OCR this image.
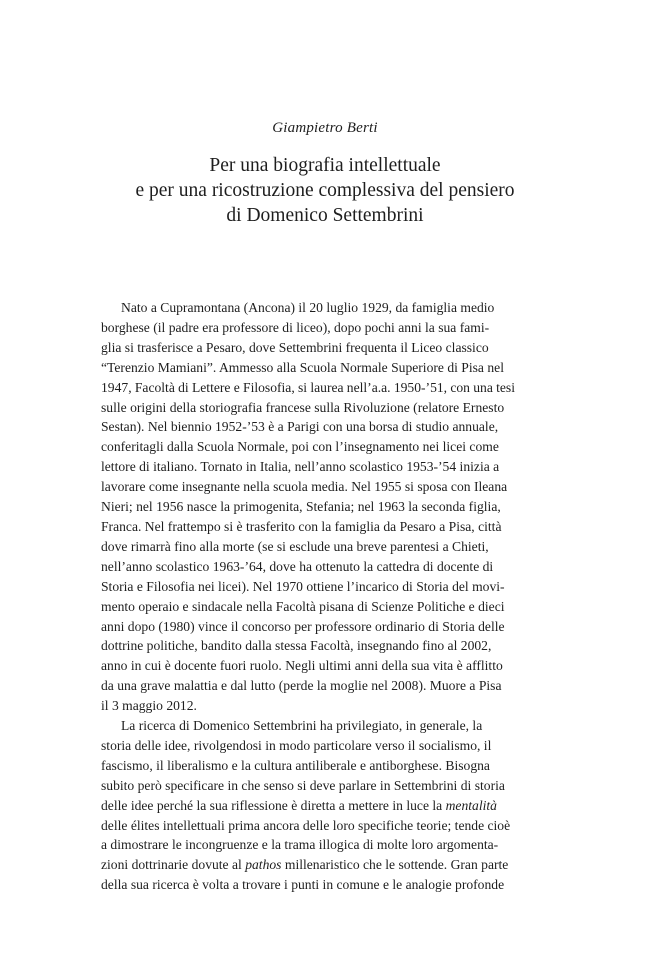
Giampietro Berti
Per una biografia intellettuale
e per una ricostruzione complessiva del pensiero
di Domenico Settembrini
Nato a Cupramontana (Ancona) il 20 luglio 1929, da famiglia medio
borghese (il padre era professore di liceo), dopo pochi anni la sua fami-
glia si trasferisce a Pesaro, dove Settembrini frequenta il Liceo classico
“Terenzio Mamiani”. Ammesso alla Scuola Normale Superiore di Pisa nel
1947, Facoltà di Lettere e Filosofia, si laurea nell’a.a. 1950-’51, con una tesi
sulle origini della storiografia francese sulla Rivoluzione (relatore Ernesto
Sestan). Nel biennio 1952-’53 è a Parigi con una borsa di studio annuale,
conferitagli dalla Scuola Normale, poi con l’insegnamento nei licei come
lettore di italiano. Tornato in Italia, nell’anno scolastico 1953-’54 inizia a
lavorare come insegnante nella scuola media. Nel 1955 si sposa con Ileana
Nieri; nel 1956 nasce la primogenita, Stefania; nel 1963 la seconda figlia,
Franca. Nel frattempo si è trasferito con la famiglia da Pesaro a Pisa, città
dove rimarrà fino alla morte (se si esclude una breve parentesi a Chieti,
nell’anno scolastico 1963-’64, dove ha ottenuto la cattedra di docente di
Storia e Filosofia nei licei). Nel 1970 ottiene l’incarico di Storia del movi-
mento operaio e sindacale nella Facoltà pisana di Scienze Politiche e dieci
anni dopo (1980) vince il concorso per professore ordinario di Storia delle
dottrine politiche, bandito dalla stessa Facoltà, insegnando fino al 2002,
anno in cui è docente fuori ruolo. Negli ultimi anni della sua vita è afflitto
da una grave malattia e dal lutto (perde la moglie nel 2008). Muore a Pisa
il 3 maggio 2012.
La ricerca di Domenico Settembrini ha privilegiato, in generale, la
storia delle idee, rivolgendosi in modo particolare verso il socialismo, il
fascismo, il liberalismo e la cultura antiliberale e antiborghese. Bisogna
subito però specificare in che senso si deve parlare in Settembrini di storia
delle idee perché la sua riflessione è diretta a mettere in luce la mentalità
delle élites intellettuali prima ancora delle loro specifiche teorie; tende cioè
a dimostrare le incongruenze e la trama illogica di molte loro argomenta-
zioni dottrinarie dovute al pathos millenaristico che le sottende. Gran parte
della sua ricerca è volta a trovare i punti in comune e le analogie profonde
